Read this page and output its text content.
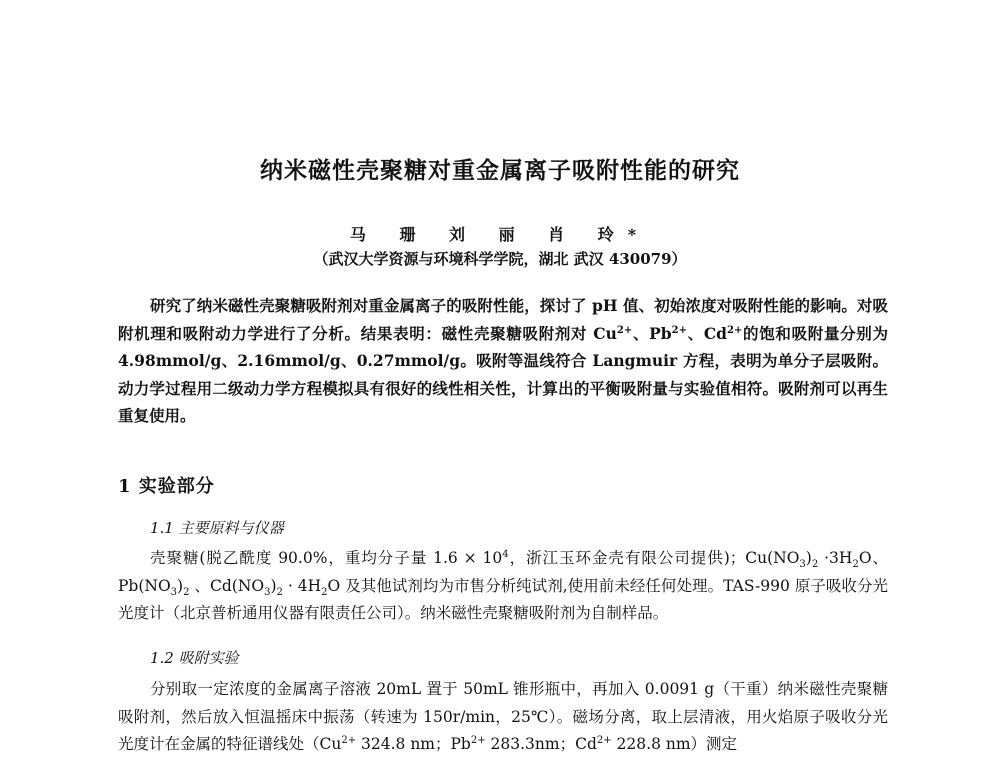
纳米磁性壳聚糖对重金属离子吸附性能的研究
马 珊 刘 丽 肖 玲*
（武汉大学资源与环境科学学院，湖北 武汉 430079）
研究了纳米磁性壳聚糖吸附剂对重金属离子的吸附性能，探讨了 pH 值、初始浓度对吸附性能的影响。对吸附机理和吸附动力学进行了分析。结果表明：磁性壳聚糖吸附剂对 $Cu^{2+}$、$Pb^{2+}$、$Cd^{2+}$的饱和吸附量分别为 4.98mmol/g、2.16mmol/g、0.27mmol/g。吸附等温线符合 Langmuir 方程，表明为单分子层吸附。动力学过程用二级动力学方程模拟具有很好的线性相关性，计算出的平衡吸附量与实验值相符。吸附剂可以再生重复使用。
1 实验部分
1.1 主要原料与仪器
壳聚糖(脱乙酰度 90.0%，重均分子量 $1.6 \times 10^4$，浙江玉环金壳有限公司提供)；$Cu(NO_3)_2 \cdot 3H_2O$、$Pb(NO_3)_2$ 、$Cd(NO_3)_2 \cdot 4H_2O$ 及其他试剂均为市售分析纯试剂,使用前未经任何处理。TAS-990 原子吸收分光光度计（北京普析通用仪器有限责任公司）。纳米磁性壳聚糖吸附剂为自制样品。
1.2 吸附实验
分别取一定浓度的金属离子溶液 20mL 置于 50mL 锥形瓶中，再加入 0.0091 g（干重）纳米磁性壳聚糖吸附剂，然后放入恒温摇床中振荡（转速为 150r/min，25℃）。磁场分离，取上层清液，用火焰原子吸收分光光度计在金属的特征谱线处（$Cu^{2+}$ 324.8 nm；$Pb^{2+}$ 283.3nm；$Cd^{2+}$ 228.8 nm）测定
